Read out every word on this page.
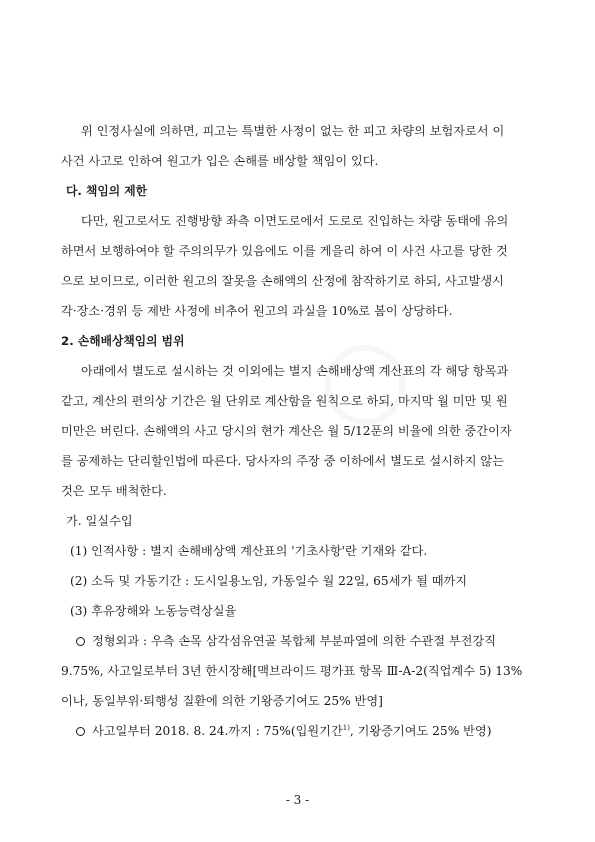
위 인정사실에 의하면, 피고는 특별한 사정이 없는 한 피고 차량의 보험자로서 이
사건 사고로 인하여 원고가 입은 손해를 배상할 책임이 있다.
다. 책임의 제한
다만, 원고로서도 진행방향 좌측 이면도로에서 도로로 진입하는 차량 동태에 유의
하면서 보행하여야 할 주의의무가 있음에도 이를 게을리 하여 이 사건 사고를 당한 것
으로 보이므로, 이러한 원고의 잘못을 손해액의 산정에 참작하기로 하되, 사고발생시
각·장소·경위 등 제반 사정에 비추어 원고의 과실을 10%로 봄이 상당하다.
2. 손해배상책임의 범위
아래에서 별도로 설시하는 것 이외에는 별지 손해배상액 계산표의 각 해당 항목과
같고, 계산의 편의상 기간은 월 단위로 계산함을 원칙으로 하되, 마지막 월 미만 및 원
미만은 버린다. 손해액의 사고 당시의 현가 계산은 월 5/12푼의 비율에 의한 중간이자
를 공제하는 단리할인법에 따른다. 당사자의 주장 중 이하에서 별도로 설시하지 않는
것은 모두 배척한다.
가. 일실수입
(1) 인적사항 : 별지 손해배상액 계산표의 '기초사항'란 기재와 같다.
(2) 소득 및 가동기간 : 도시일용노임, 가동일수 월 22일, 65세가 될 때까지
(3) 후유장해와 노동능력상실율
정형외과 : 우측 손목 삼각섬유연골 복합체 부분파열에 의한 수관절 부전강직
9.75%, 사고일로부터 3년 한시장해[맥브라이드 평가표 항목 Ⅲ-A-2(직업계수 5) 13%
이나, 동일부위·퇴행성 질환에 의한 기왕증기여도 25% 반영]
사고일부터 2018. 8. 24.까지 : 75%(입원기간$^{1)}$, 기왕증기여도 25% 반영)
- 3 -
